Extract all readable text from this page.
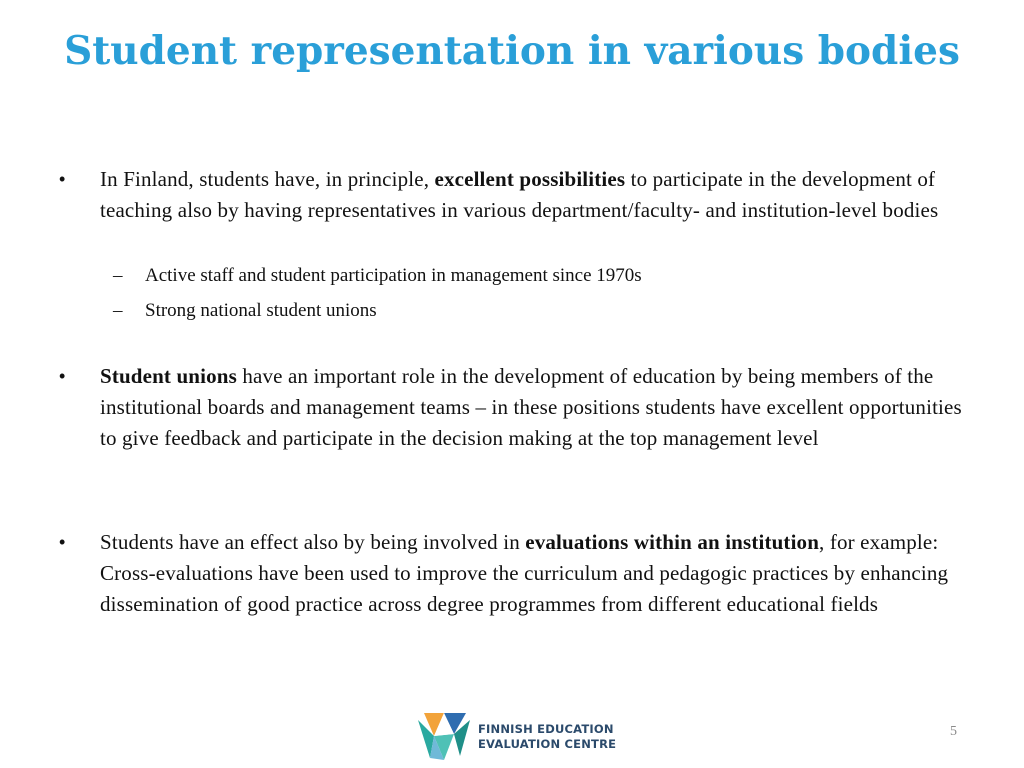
Student representation in various bodies
• In Finland, students have, in principle, excellent possibilities to participate in the development of teaching also by having representatives in various department/faculty- and institution-level bodies
– Active staff and student participation in management since 1970s
– Strong national student unions
• Student unions have an important role in the development of education by being members of the institutional boards and management teams – in these positions students have excellent opportunities to give feedback and participate in the decision making at the top management level
• Students have an effect also by being involved in evaluations within an institution, for example: Cross-evaluations have been used to improve the curriculum and pedagogic practices by enhancing dissemination of good practice across degree programmes from different educational fields
FINNISH EDUCATION
EVALUATION CENTRE
5
